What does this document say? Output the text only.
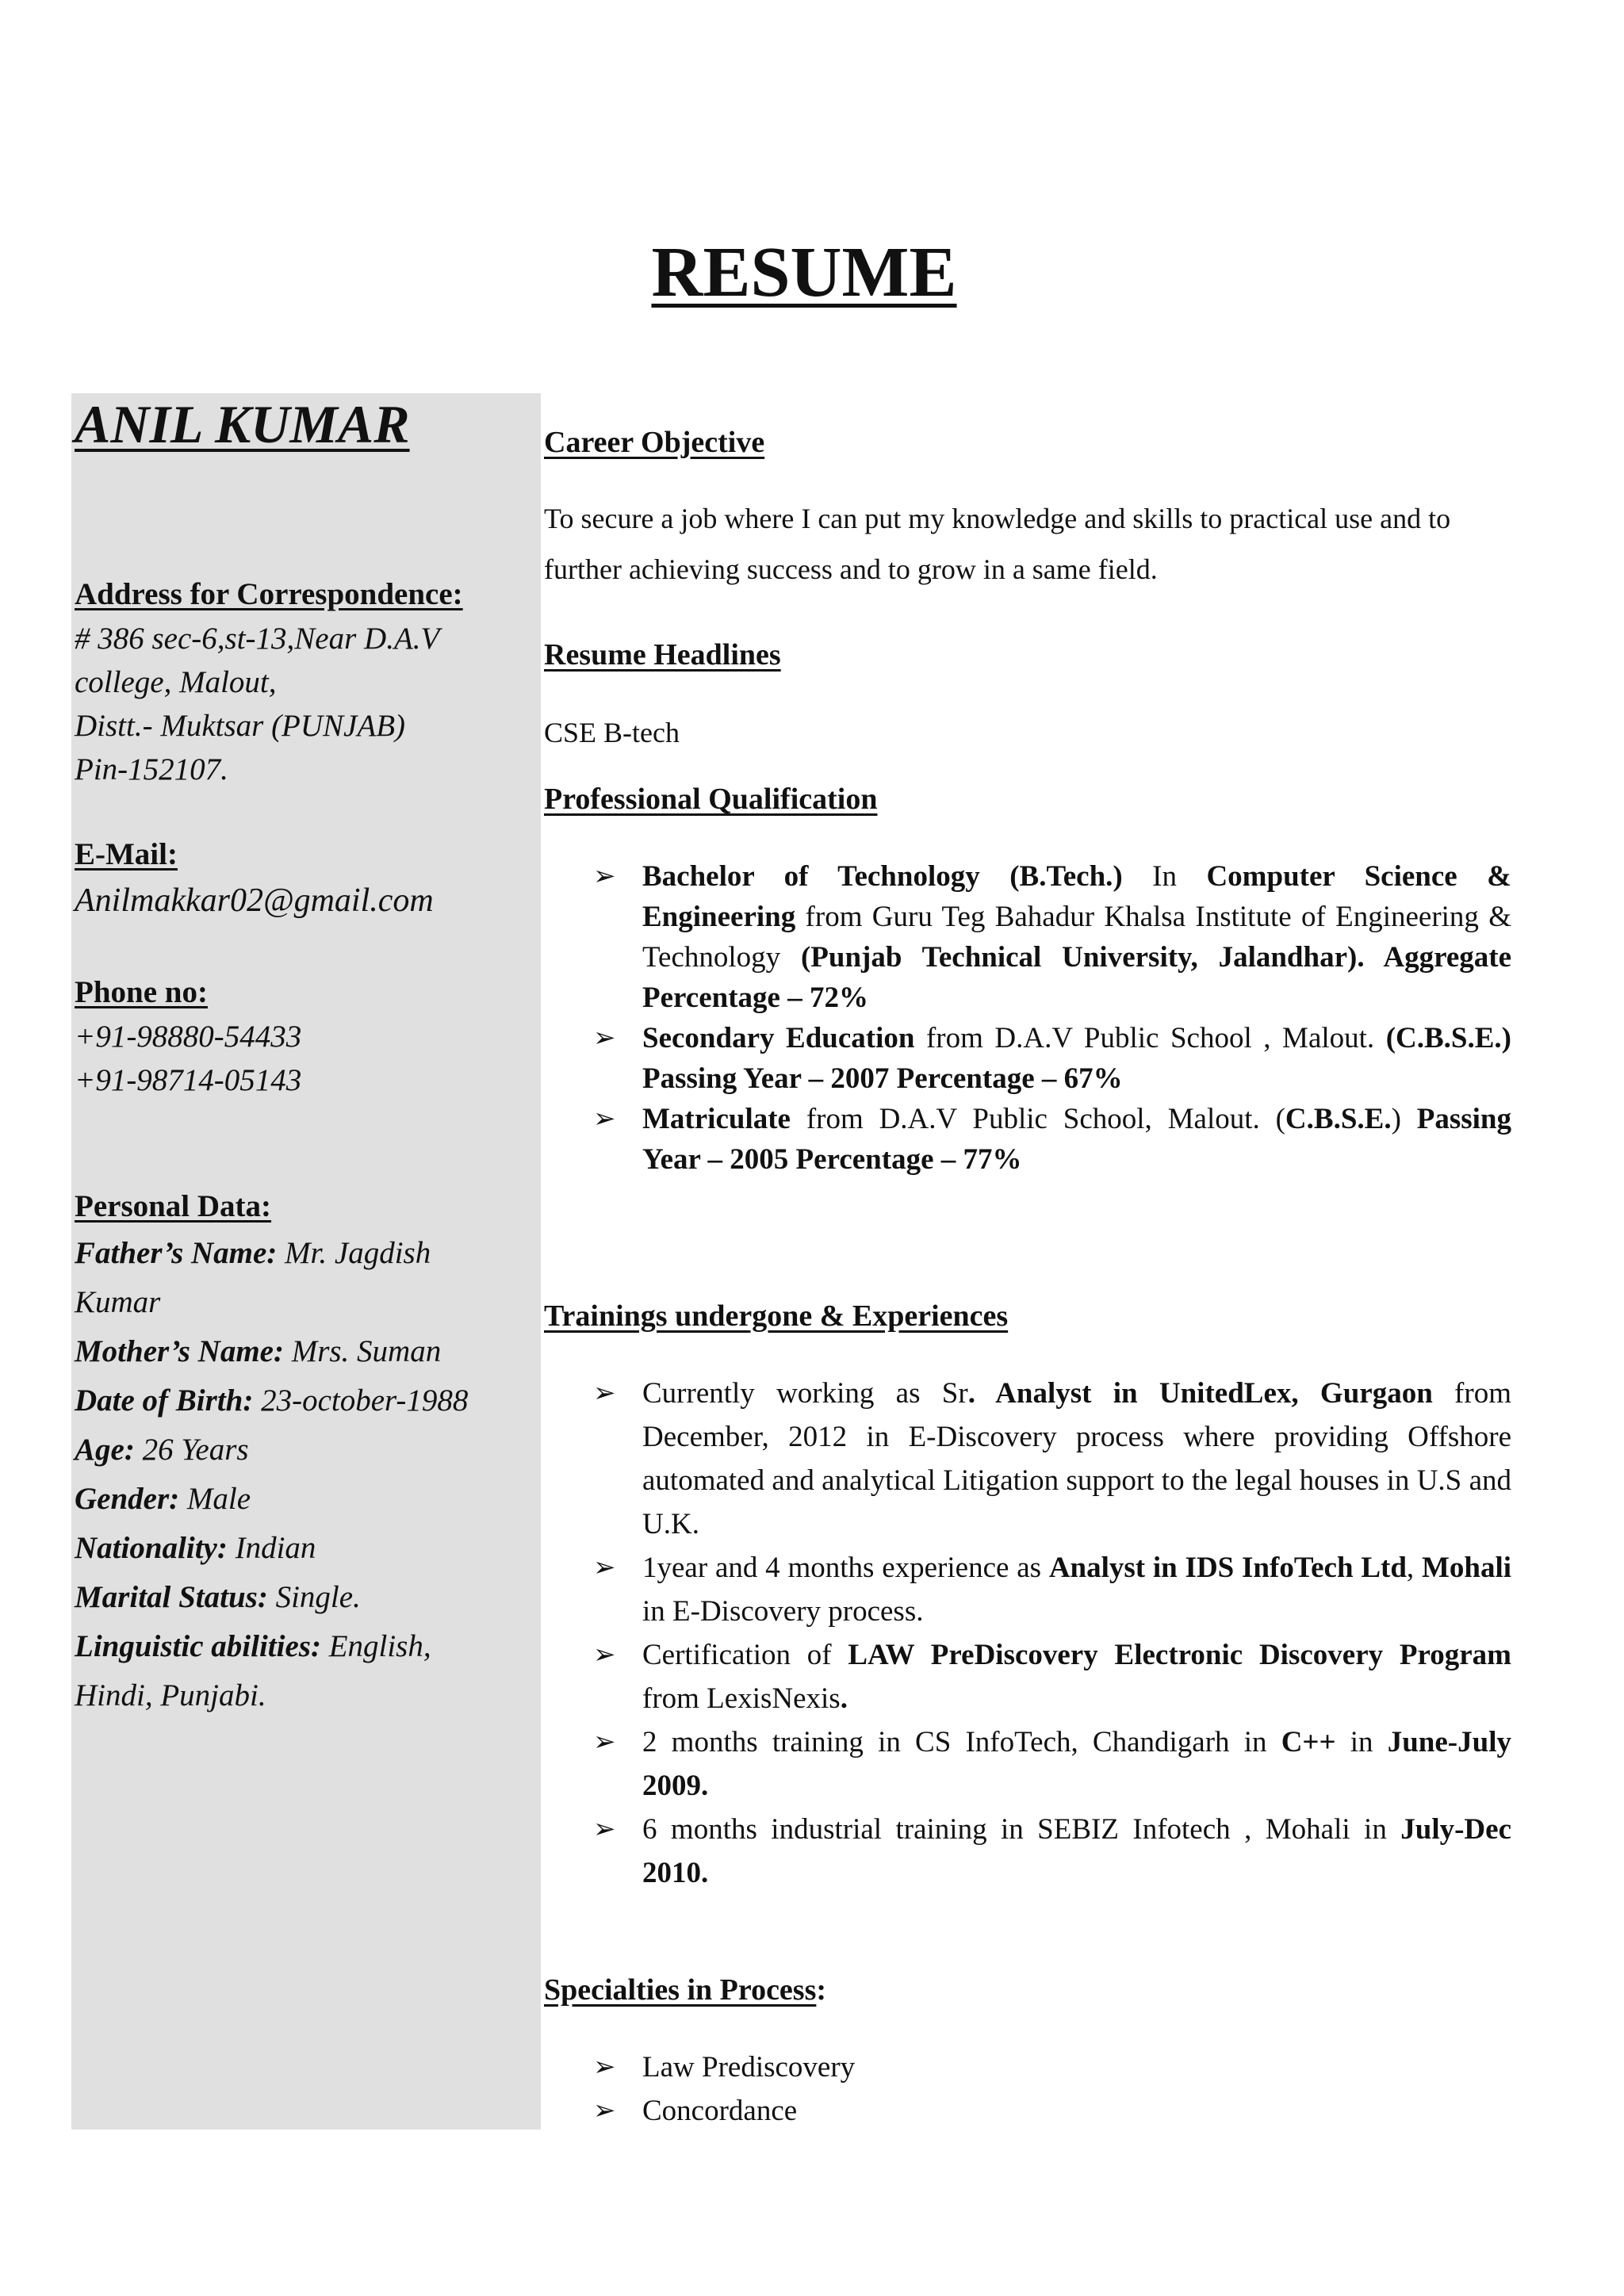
RESUME
ANIL KUMAR
Address for Correspondence:
# 386 sec-6,st-13,Near D.A.V
college, Malout,
Distt.- Muktsar (PUNJAB)
Pin-152107.
E-Mail:
Anilmakkar02@gmail.com
Phone no:
+91-98880-54433
+91-98714-05143
Personal Data:
Father’s Name: Mr. Jagdish
Kumar
Mother’s Name: Mrs. Suman
Date of Birth: 23-october-1988
Age: 26 Years
Gender: Male
Nationality: Indian
Marital Status: Single.
Linguistic abilities: English,
Hindi, Punjabi.
Career Objective
To secure a job where I can put my knowledge and skills to practical use and to further achieving success and to grow in a same field.
Resume Headlines
CSE B-tech
Professional Qualification
➢ Bachelor of Technology (B.Tech.) In Computer Science & Engineering from Guru Teg Bahadur Khalsa Institute of Engineering & Technology (Punjab Technical University, Jalandhar). Aggregate Percentage – 72%
➢ Secondary Education from D.A.V Public School , Malout. (C.B.S.E.) Passing Year – 2007 Percentage – 67%
➢ Matriculate from D.A.V Public School, Malout. (C.B.S.E.) Passing Year – 2005 Percentage – 77%
Trainings undergone & Experiences
➢ Currently working as Sr. Analyst in UnitedLex, Gurgaon from December, 2012 in E-Discovery process where providing Offshore automated and analytical Litigation support to the legal houses in U.S and U.K.
➢ 1year and 4 months experience as Analyst in IDS InfoTech Ltd, Mohali in E-Discovery process.
➢ Certification of LAW PreDiscovery Electronic Discovery Program from LexisNexis.
➢ 2 months training in CS InfoTech, Chandigarh in C++ in June-July 2009.
➢ 6 months industrial training in SEBIZ Infotech , Mohali in July-Dec 2010.
Specialties in Process:
➢ Law Prediscovery
➢ Concordance
